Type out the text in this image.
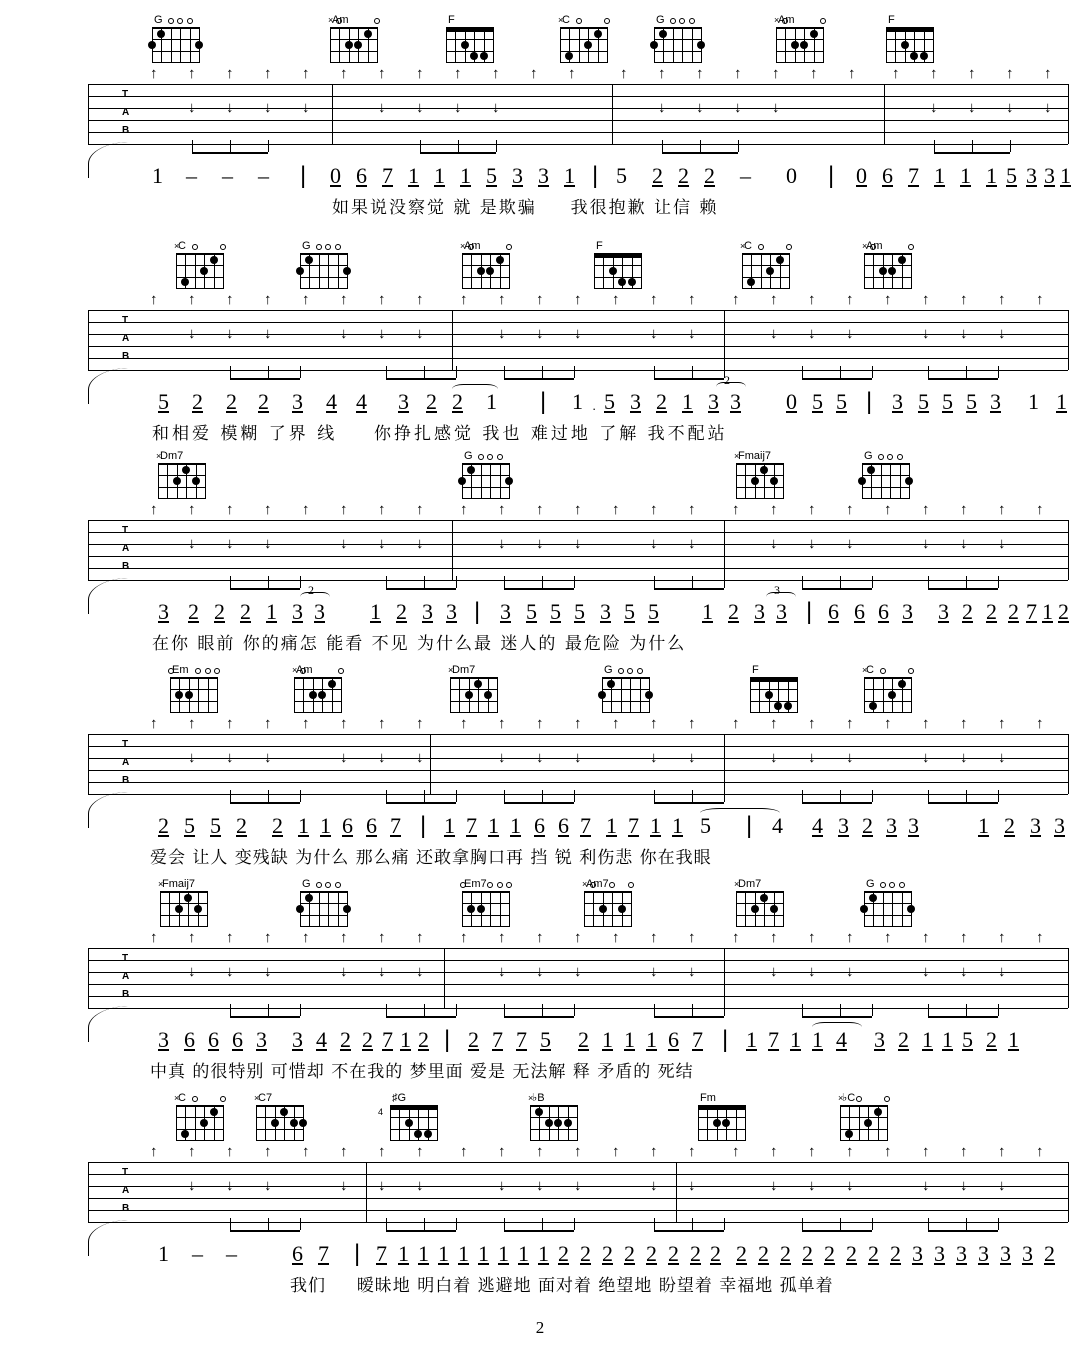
G	Am
×	F	C
×	G	Am
×	F
T
A
B
↑ ↑ ↑ ↑ ↑ ↑ ↑ ↑ ↑ ↑ ↑ ↑	↑ ↑ ↑ ↑ ↑ ↑ ↑ ↑ ↑ ↑ ↑ ↑
↓ ↓ ↓ ↓	↓ ↓ ↓ ↓	↓ ↓ ↓ ↓	↓ ↓ ↓ ↓
1 – – – | 0 6 7 1 1 1 5 3 3 1 | 5 2 2 2 – 0 | 0 6 7 1 1 1 5 3 3 1
如果说没察觉 就 是欺骗 　 我很抱歉 让信 赖
C
×	G	Am
×	F	C
×	Am
×
T
A
B
↑ ↑ ↑ ↑ ↑ ↑ ↑ ↑ ↑ ↑ ↑ ↑ ↑ ↑ ↑ ↑ ↑ ↑ ↑ ↑ ↑ ↑ ↑ ↑
↓ ↓ ↓	↓ ↓ ↓	↓ ↓ ↓	↓ ↓	↓ ↓ ↓	↓ ↓ ↓
5 2 2 2 3 4 4 3 2 2 1 | 1 · 5 3 2 1 3 3 0 5 5 | 3 5 5 5 3 1 1
2
和相爱 模糊 了界 线 　 你挣扎感觉 我也 难过地 了解 我不配站
Dm7
×	G	Fmaij7
×	G
T
A
B
↑ ↑ ↑ ↑ ↑ ↑ ↑ ↑ ↑ ↑ ↑ ↑ ↑ ↑ ↑ ↑ ↑ ↑ ↑ ↑ ↑ ↑ ↑ ↑
↓ ↓ ↓	↓ ↓ ↓	↓ ↓ ↓	↓ ↓	↓ ↓ ↓	↓ ↓ ↓
3 2 2 2 1 3 3 1 2 3 3 | 3 5 5 5 3 5 5 1 2 3 3 | 6 6 6 3 3 2 2 2 7 1 2
2	3
在你 眼前 你的痛怎 能看 不见 为什么最 迷人的 最危险 为什么
Em	Am
×	Dm7
×	G	F	C
×
T
A
B
↑ ↑ ↑ ↑ ↑ ↑ ↑ ↑ ↑ ↑ ↑ ↑ ↑ ↑ ↑ ↑ ↑ ↑ ↑ ↑ ↑ ↑ ↑ ↑
↓ ↓ ↓	↓ ↓ ↓	↓ ↓ ↓	↓ ↓	↓ ↓ ↓	↓ ↓ ↓
2 5 5 2 2 1 1 6 6 7 | 1 7 1 1 6 6 7 1 7 1 1 5 | 4 4 3 2 3 3	1 2 3 3
爱会 让人 变残缺 为什么 那么痛 还敢拿胸口再 挡 锐 利伤悲 你在我眼
Fmaij7
×	G	Em7	Am7
×	Dm7
×	G
T
A
B
↑ ↑ ↑ ↑ ↑ ↑ ↑ ↑ ↑ ↑ ↑ ↑ ↑ ↑ ↑ ↑ ↑ ↑ ↑ ↑ ↑ ↑ ↑ ↑
↓ ↓ ↓	↓ ↓ ↓	↓ ↓ ↓	↓ ↓	↓ ↓ ↓	↓ ↓ ↓
3 6 6 6 3 3 4 2 2 7 1 2 | 2 7 7 5 2 1 1 1 6 7 | 1 7 1 1 4 3 2 1 1 5 2 1
中真 的很特别 可惜却 不在我的 梦里面 爱是 无法解 释 矛盾的 死结
C
×	C7
×	♯G
4
♭B
×	Fm	♭C
×
T
A
B
↑ ↑ ↑ ↑ ↑ ↑ ↑ ↑ ↑ ↑ ↑ ↑ ↑ ↑ ↑ ↑ ↑ ↑ ↑ ↑ ↑ ↑ ↑ ↑
↓ ↓ ↓	↓ ↓ ↓	↓ ↓ ↓	↓ ↓	↓ ↓ ↓	↓ ↓ ↓
1 – –	6 7 | 7 1 1 1 1 1 1 1 1 2 2 2 2 2 2 2 2 2 2 2 2 2 2 2 2 3 3 3 3 3 3 2
我们 　 暧昧地 明白着 逃避地 面对着 绝望地 盼望着 幸福地 孤单着
2
